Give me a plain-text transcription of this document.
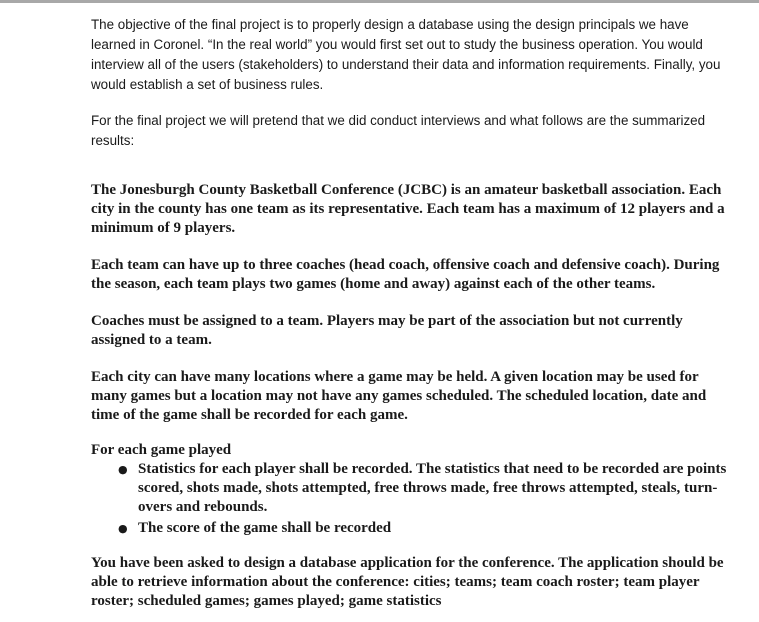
The objective of the final project is to properly design a database using the design principals we have learned in Coronel. “In the real world” you would first set out to study the business operation. You would interview all of the users (stakeholders) to understand their data and information requirements. Finally, you would establish a set of business rules.

For the final project we will pretend that we did conduct interviews and what follows are the summarized results:

The Jonesburgh County Basketball Conference (JCBC) is an amateur basketball association. Each city in the county has one team as its representative. Each team has a maximum of 12 players and a minimum of 9 players.

Each team can have up to three coaches (head coach, offensive coach and defensive coach). During the season, each team plays two games (home and away) against each of the other teams.

Coaches must be assigned to a team. Players may be part of the association but not currently assigned to a team.

Each city can have many locations where a game may be held. A given location may be used for many games but a location may not have any games scheduled. The scheduled location, date and time of the game shall be recorded for each game.

For each game played

● Statistics for each player shall be recorded. The statistics that need to be recorded are points scored, shots made, shots attempted, free throws made, free throws attempted, steals, turn-overs and rebounds.
● The score of the game shall be recorded

You have been asked to design a database application for the conference. The application should be able to retrieve information about the conference: cities; teams; team coach roster; team player roster; scheduled games; games played; game statistics
